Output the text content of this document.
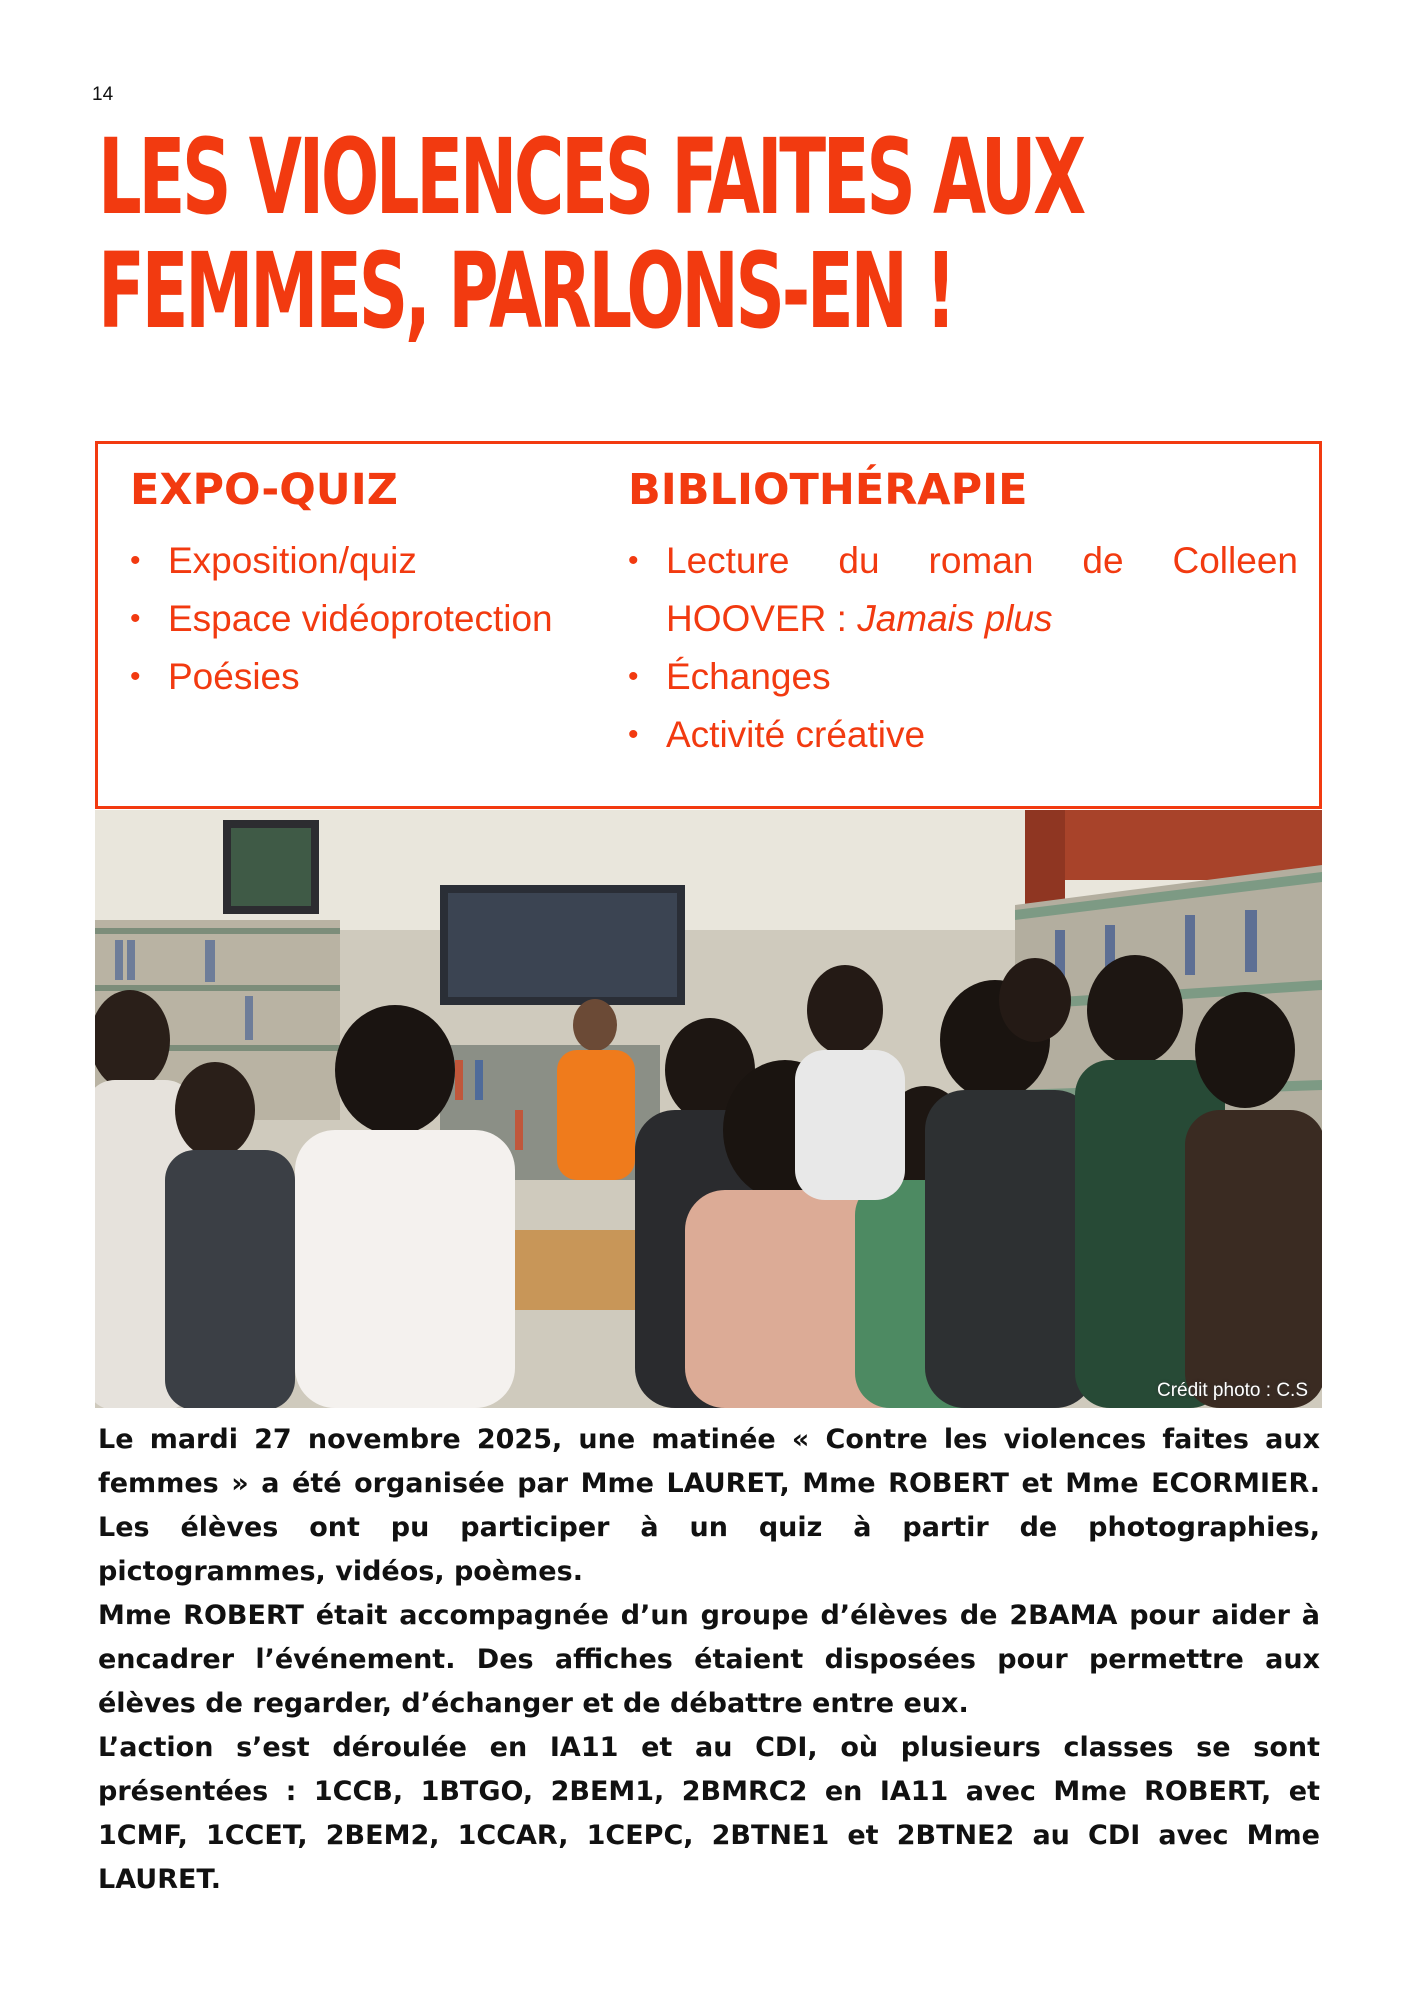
14
LES VIOLENCES FAITES AUX
FEMMES, PARLONS-EN !
EXPO-QUIZ
• Exposition/quiz
• Espace vidéoprotection
• Poésies
BIBLIOTHÉRAPIE
• Lecture du roman de Colleen
HOOVER : Jamais plus
• Échanges
• Activité créative
Crédit photo : C.S

Le mardi 27 novembre 2025, une matinée « Contre les violences faites aux femmes » a été organisée par Mme LAURET, Mme ROBERT et Mme ECORMIER. Les élèves ont pu participer à un quiz à partir de photographies, pictogrammes, vidéos, poèmes.

Mme ROBERT était accompagnée d’un groupe d’élèves de 2BAMA pour aider à encadrer l’événement. Des affiches étaient disposées pour permettre aux élèves de regarder, d’échanger et de débattre entre eux.

L’action s’est déroulée en IA11 et au CDI, où plusieurs classes se sont présentées : 1CCB, 1BTGO, 2BEM1, 2BMRC2 en IA11 avec Mme ROBERT, et 1CMF, 1CCET, 2BEM2, 1CCAR, 1CEPC, 2BTNE1 et 2BTNE2 au CDI avec Mme LAURET.
